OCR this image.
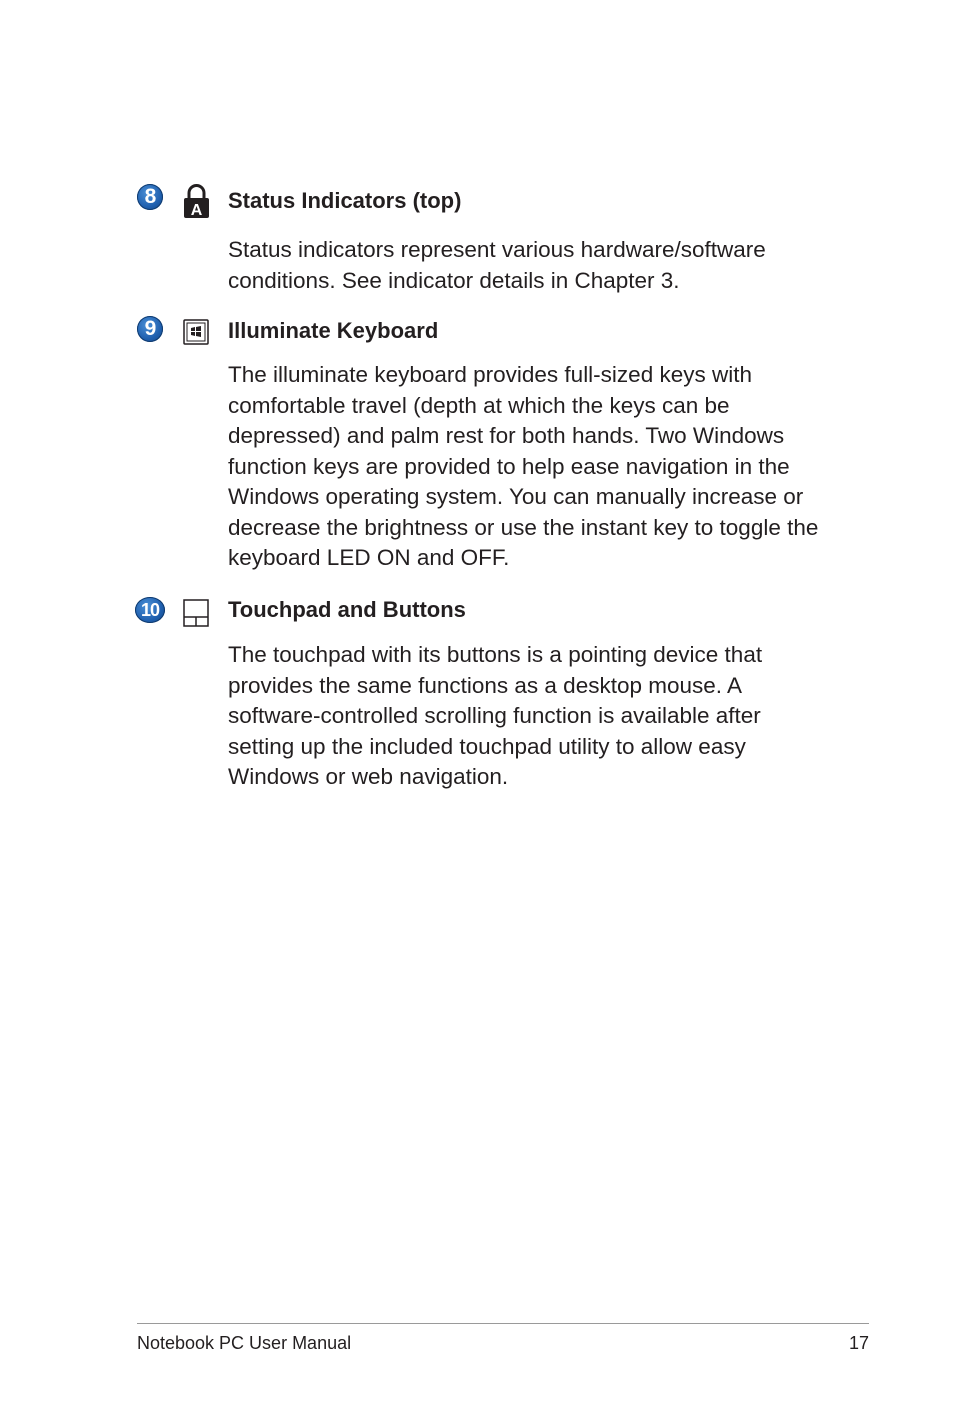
8
A Status Indicators (top)

Status indicators represent various hardware/software
conditions. See indicator details in Chapter 3.

9	Illuminate Keyboard

The illuminate keyboard provides full-sized keys with
comfortable travel (depth at which the keys can be
depressed) and palm rest for both hands. Two Windows
function keys are provided to help ease navigation in the
Windows operating system. You can manually increase or
decrease the brightness or use the instant key to toggle the
keyboard LED ON and OFF.

10	Touchpad and Buttons

The touchpad with its buttons is a pointing device that
provides the same functions as a desktop mouse. A
software-controlled scrolling function is available after
setting up the included touchpad utility to allow easy
Windows or web navigation.

Notebook PC User Manual	17
